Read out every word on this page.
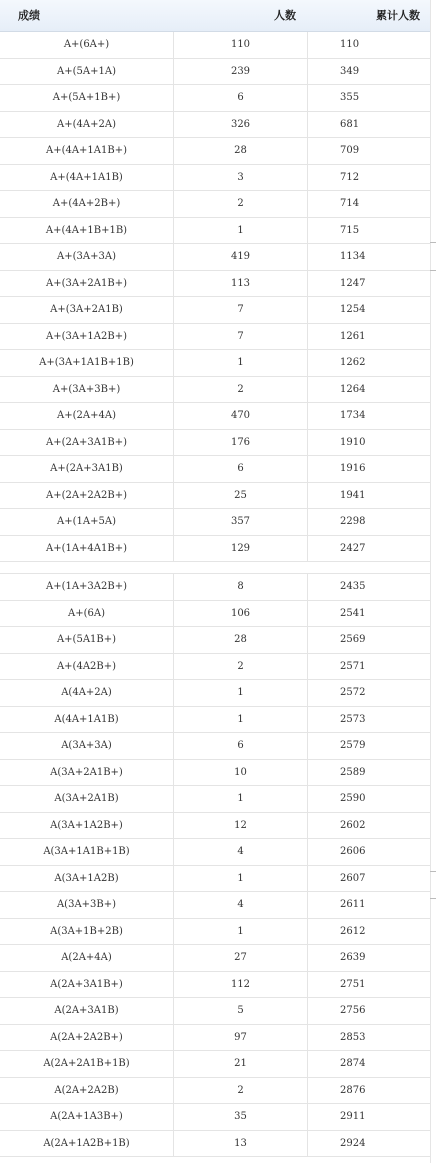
成绩	人数	累计人数
A+(6A+)	110	110
A+(5A+1A)	239	349
A+(5A+1B+)	6	355
A+(4A+2A)	326	681
A+(4A+1A1B+)	28	709
A+(4A+1A1B)	3	712
A+(4A+2B+)	2	714
A+(4A+1B+1B)	1	715
A+(3A+3A)	419	1134
A+(3A+2A1B+)	113	1247
A+(3A+2A1B)	7	1254
A+(3A+1A2B+)	7	1261
A+(3A+1A1B+1B)	1	1262
A+(3A+3B+)	2	1264
A+(2A+4A)	470	1734
A+(2A+3A1B+)	176	1910
A+(2A+3A1B)	6	1916
A+(2A+2A2B+)	25	1941
A+(1A+5A)	357	2298
A+(1A+4A1B+)	129	2427
A+(1A+3A2B+)	8	2435
A+(6A)	106	2541
A+(5A1B+)	28	2569
A+(4A2B+)	2	2571
A(4A+2A)	1	2572
A(4A+1A1B)	1	2573
A(3A+3A)	6	2579
A(3A+2A1B+)	10	2589
A(3A+2A1B)	1	2590
A(3A+1A2B+)	12	2602
A(3A+1A1B+1B)	4	2606
A(3A+1A2B)	1	2607
A(3A+3B+)	4	2611
A(3A+1B+2B)	1	2612
A(2A+4A)	27	2639
A(2A+3A1B+)	112	2751
A(2A+3A1B)	5	2756
A(2A+2A2B+)	97	2853
A(2A+2A1B+1B)	21	2874
A(2A+2A2B)	2	2876
A(2A+1A3B+)	35	2911
A(2A+1A2B+1B)	13	2924
